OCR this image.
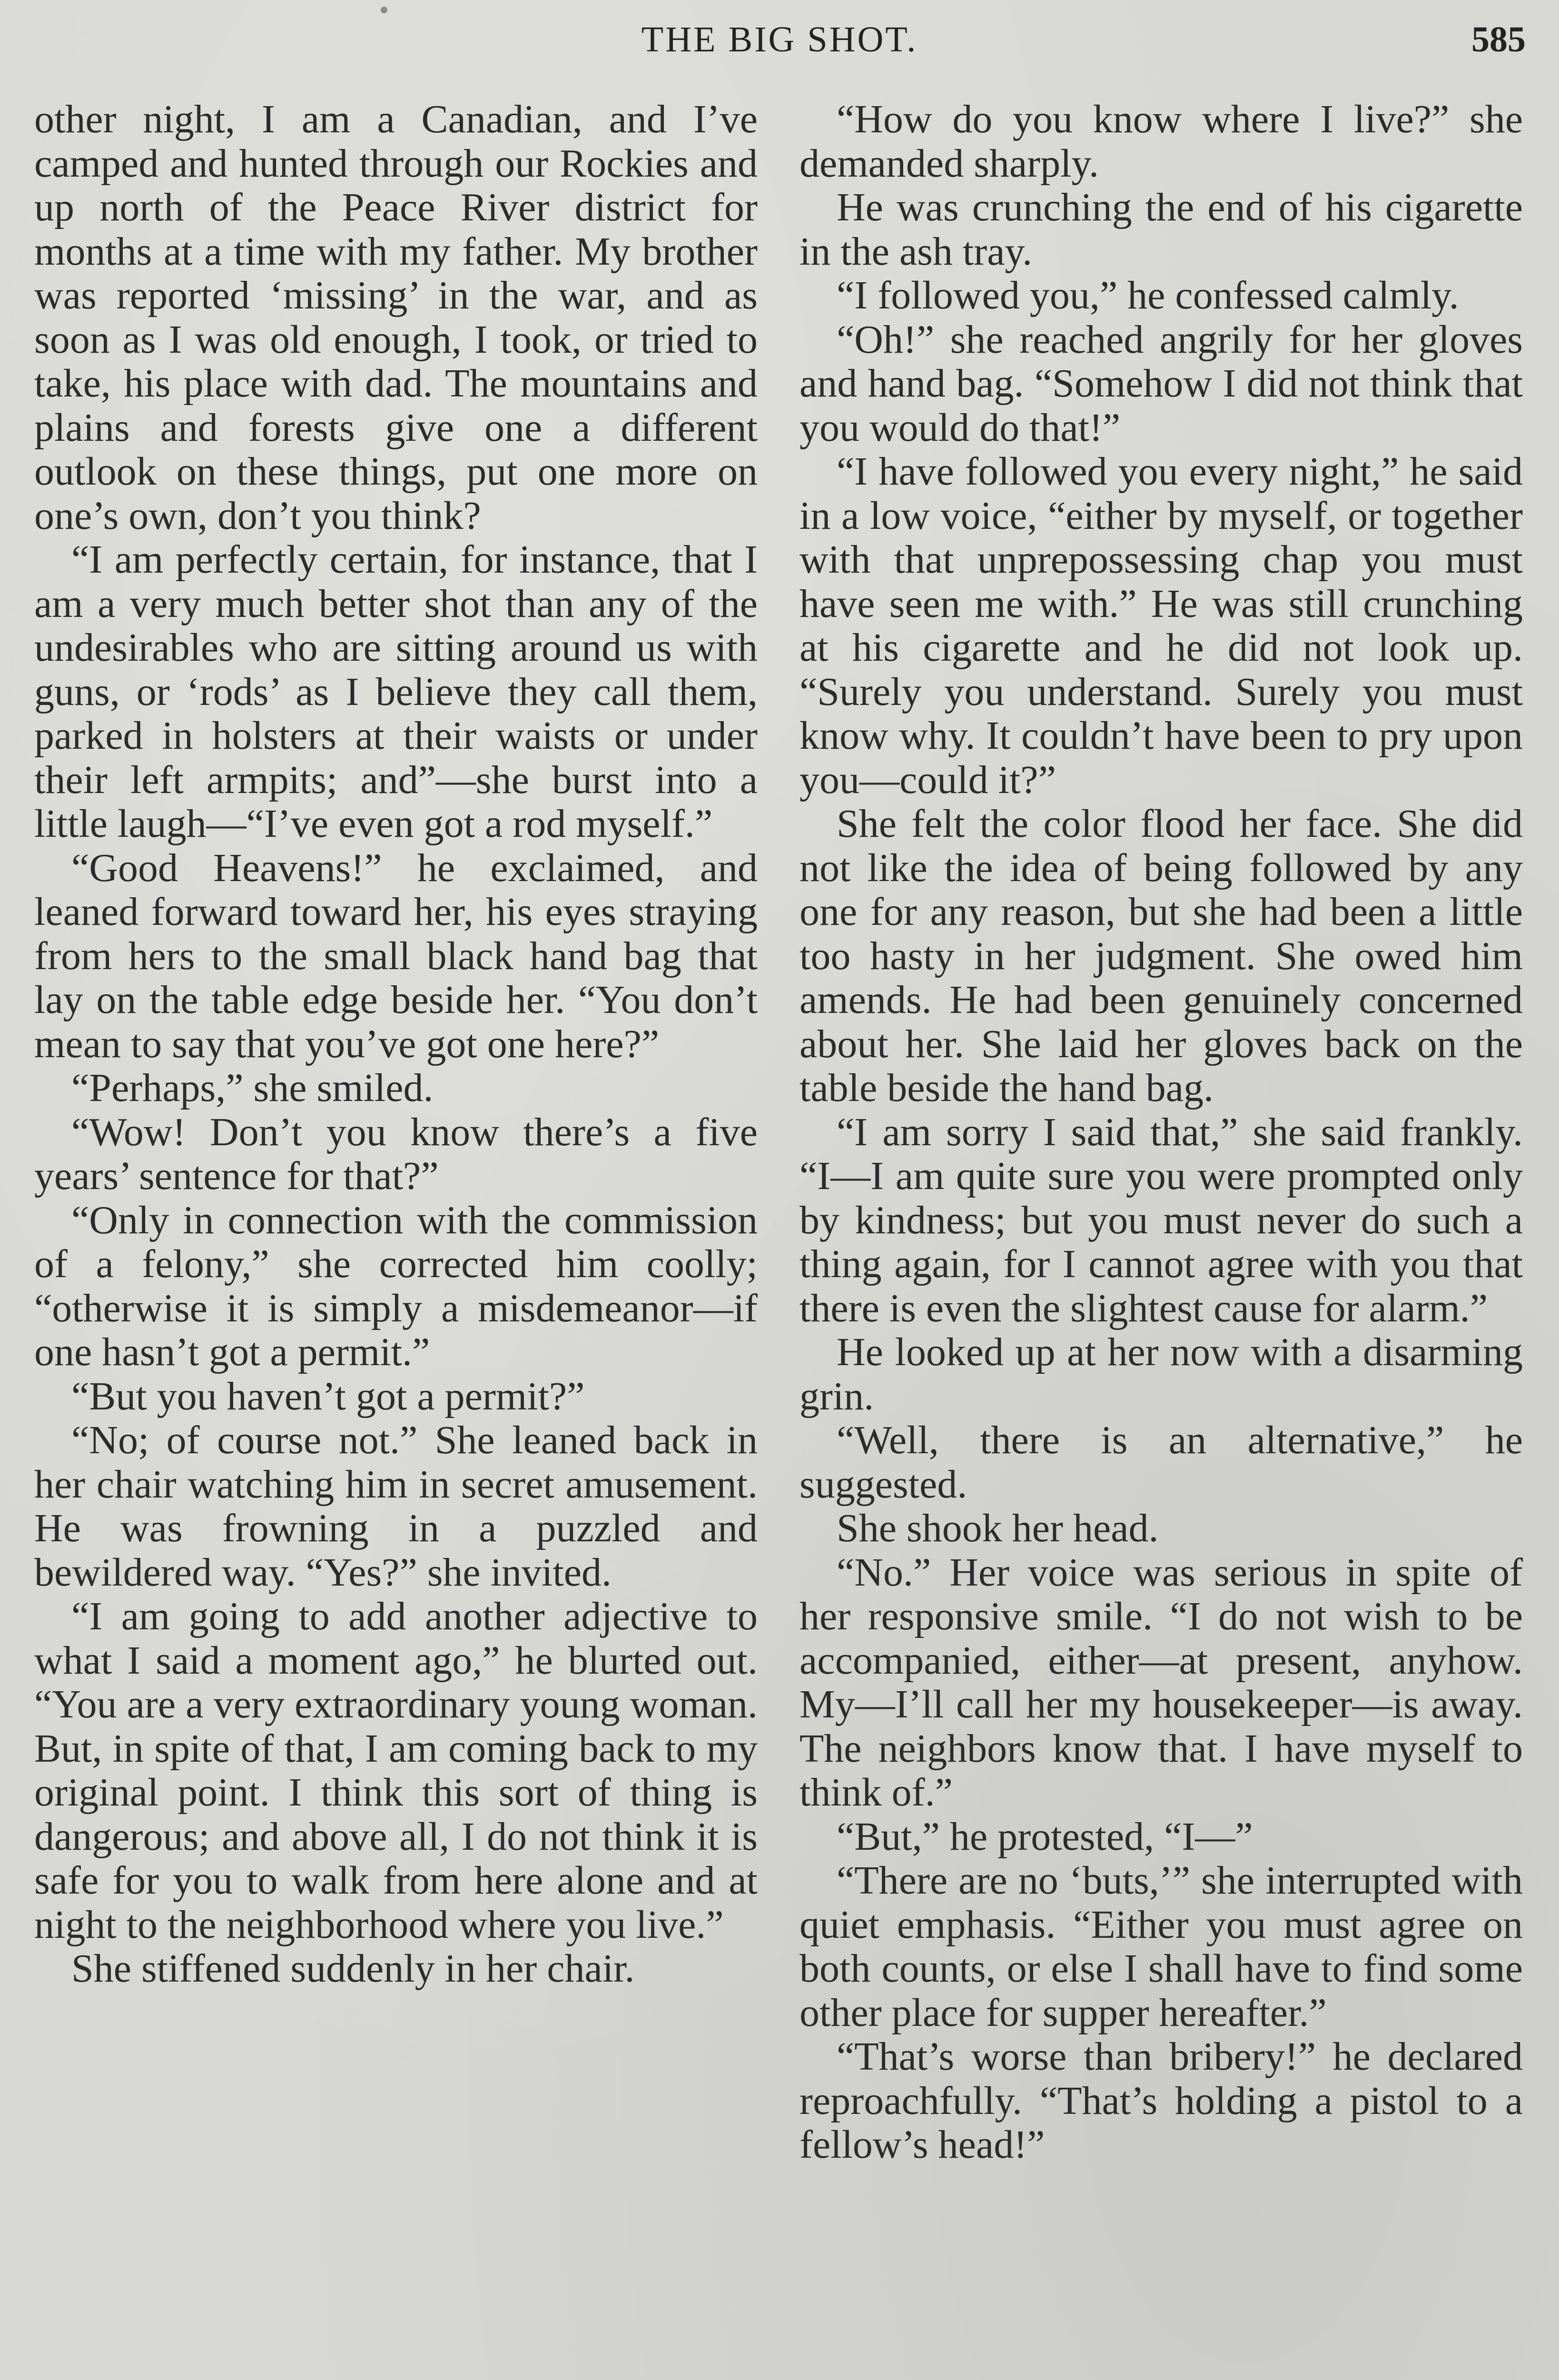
THE BIG SHOT.	585

other night, I am a Canadian, and I’ve camped and hunted through our Rockies and up north of the Peace River district for months at a time with my father. My brother was reported ‘missing’ in the war, and as soon as I was old enough, I took, or tried to take, his place with dad. The mountains and plains and forests give one a different outlook on these things, put one more on one’s own, don’t you think?

“I am perfectly certain, for instance, that I am a very much better shot than any of the undesirables who are sitting around us with guns, or ‘rods’ as I believe they call them, parked in holsters at their waists or under their left armpits; and”—she burst into a little laugh—“I’ve even got a rod myself.”

“Good Heavens!” he exclaimed, and leaned forward toward her, his eyes straying from hers to the small black hand bag that lay on the table edge beside her. “You don’t mean to say that you’ve got one here?”

“Perhaps,” she smiled.

“Wow! Don’t you know there’s a five years’ sentence for that?”

“Only in connection with the commission of a felony,” she corrected him coolly; “otherwise it is simply a misdemeanor—if one hasn’t got a permit.”

“But you haven’t got a permit?”

“No; of course not.” She leaned back in her chair watching him in secret amusement. He was frowning in a puzzled and bewildered way. “Yes?” she invited.

“I am going to add another adjective to what I said a moment ago,” he blurted out. “You are a very extraordinary young woman. But, in spite of that, I am coming back to my original point. I think this sort of thing is dangerous; and above all, I do not think it is safe for you to walk from here alone and at night to the neighborhood where you live.”

She stiffened suddenly in her chair.

“How do you know where I live?” she demanded sharply.

He was crunching the end of his cigarette in the ash tray.

“I followed you,” he confessed calmly.

“Oh!” she reached angrily for her gloves and hand bag. “Somehow I did not think that you would do that!”

“I have followed you every night,” he said in a low voice, “either by myself, or together with that unprepossessing chap you must have seen me with.” He was still crunching at his cigarette and he did not look up. “Surely you understand. Surely you must know why. It couldn’t have been to pry upon you—could it?”

She felt the color flood her face. She did not like the idea of being followed by any one for any reason, but she had been a little too hasty in her judgment. She owed him amends. He had been genuinely concerned about her. She laid her gloves back on the table beside the hand bag.

“I am sorry I said that,” she said frankly. “I—I am quite sure you were prompted only by kindness; but you must never do such a thing again, for I cannot agree with you that there is even the slightest cause for alarm.”

He looked up at her now with a disarming grin.

“Well, there is an alternative,” he suggested.

She shook her head.

“No.” Her voice was serious in spite of her responsive smile. “I do not wish to be accompanied, either—at present, anyhow. My—I’ll call her my housekeeper—is away. The neighbors know that. I have myself to think of.”

“But,” he protested, “I—”

“There are no ‘buts,’” she interrupted with quiet emphasis. “Either you must agree on both counts, or else I shall have to find some other place for supper hereafter.”

“That’s worse than bribery!” he declared reproachfully. “That’s holding a pistol to a fellow’s head!”
